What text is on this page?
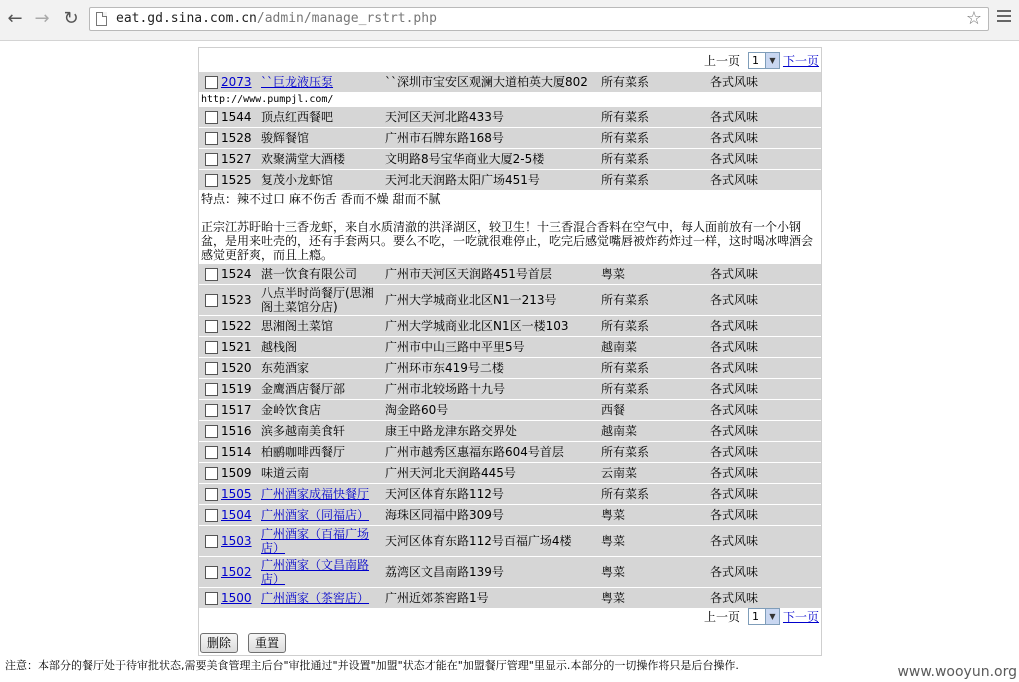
← → ↻	eat.gd.sina.com.cn/admin/manage_rstrt.php	☆
上一页	1	▼ 下一页
2073	``巨龙液压泵	``深圳市宝安区观澜大道柏英大厦802	所有菜系	各式风味
http://www.pumpjl.com/				
1544	顶点红西餐吧	天河区天河北路433号	所有菜系	各式风味
1528	骏辉餐馆	广州市石牌东路168号	所有菜系	各式风味
1527	欢聚满堂大酒楼	文明路8号宝华商业大厦2-5楼	所有菜系	各式风味
1525	复茂小龙虾馆	天河北天润路太阳广场451号	所有菜系	各式风味

特点：辣不过口 麻不伤舌 香而不燥 甜而不腻
正宗江苏盱眙十三香龙虾，来自水质清澈的洪泽湖区，较卫生！十三香混合香料在空气中，每人面前放有一个小钢盆，是用来吐壳的，还有手套两只。要么不吃，一吃就很难停止，吃完后感觉嘴唇被炸药炸过一样，这时喝冰啤酒会感觉更舒爽，而且上瘾。				

1524	湛一饮食有限公司	广州市天河区天润路451号首层	粤菜	各式风味
1523	八点半时尚餐厅(思湘阁土菜馆分店)	广州大学城商业北区N1一213号	所有菜系	各式风味
1522	思湘阁土菜馆	广州大学城商业北区N1区一楼103	所有菜系	各式风味
1521	越栈阁	广州市中山三路中平里5号	越南菜	各式风味
1520	东苑酒家	广州环市东419号二楼	所有菜系	各式风味
1519	金鹰酒店餐厅部	广州市北较场路十九号	所有菜系	各式风味
1517	金岭饮食店	淘金路60号	西餐	各式风味
1516	滨多越南美食轩	康王中路龙津东路交界处	越南菜	各式风味
1514	柏鹂咖啡西餐厅	广州市越秀区惠福东路604号首层	所有菜系	各式风味
1509	味道云南	广州天河北天润路445号	云南菜	各式风味
1505	广州酒家成福快餐厅	天河区体育东路112号	所有菜系	各式风味
1504	广州酒家（同福店）	海珠区同福中路309号	粤菜	各式风味
1503	广州酒家（百福广场店）	天河区体育东路112号百福广场4楼	粤菜	各式风味
1502	广州酒家（文昌南路店）	荔湾区文昌南路139号	粤菜	各式风味
1500	广州酒家（茶窖店）	广州近郊茶窖路1号	粤菜	各式风味
上一页	1	▼ 下一页
删除	重置
注意：本部分的餐厅处于待审批状态,需要美食管理主后台"审批通过"并设置"加盟"状态才能在"加盟餐厅管理"里显示.本部分的一切操作将只是后台操作.	www.wooyun.org
